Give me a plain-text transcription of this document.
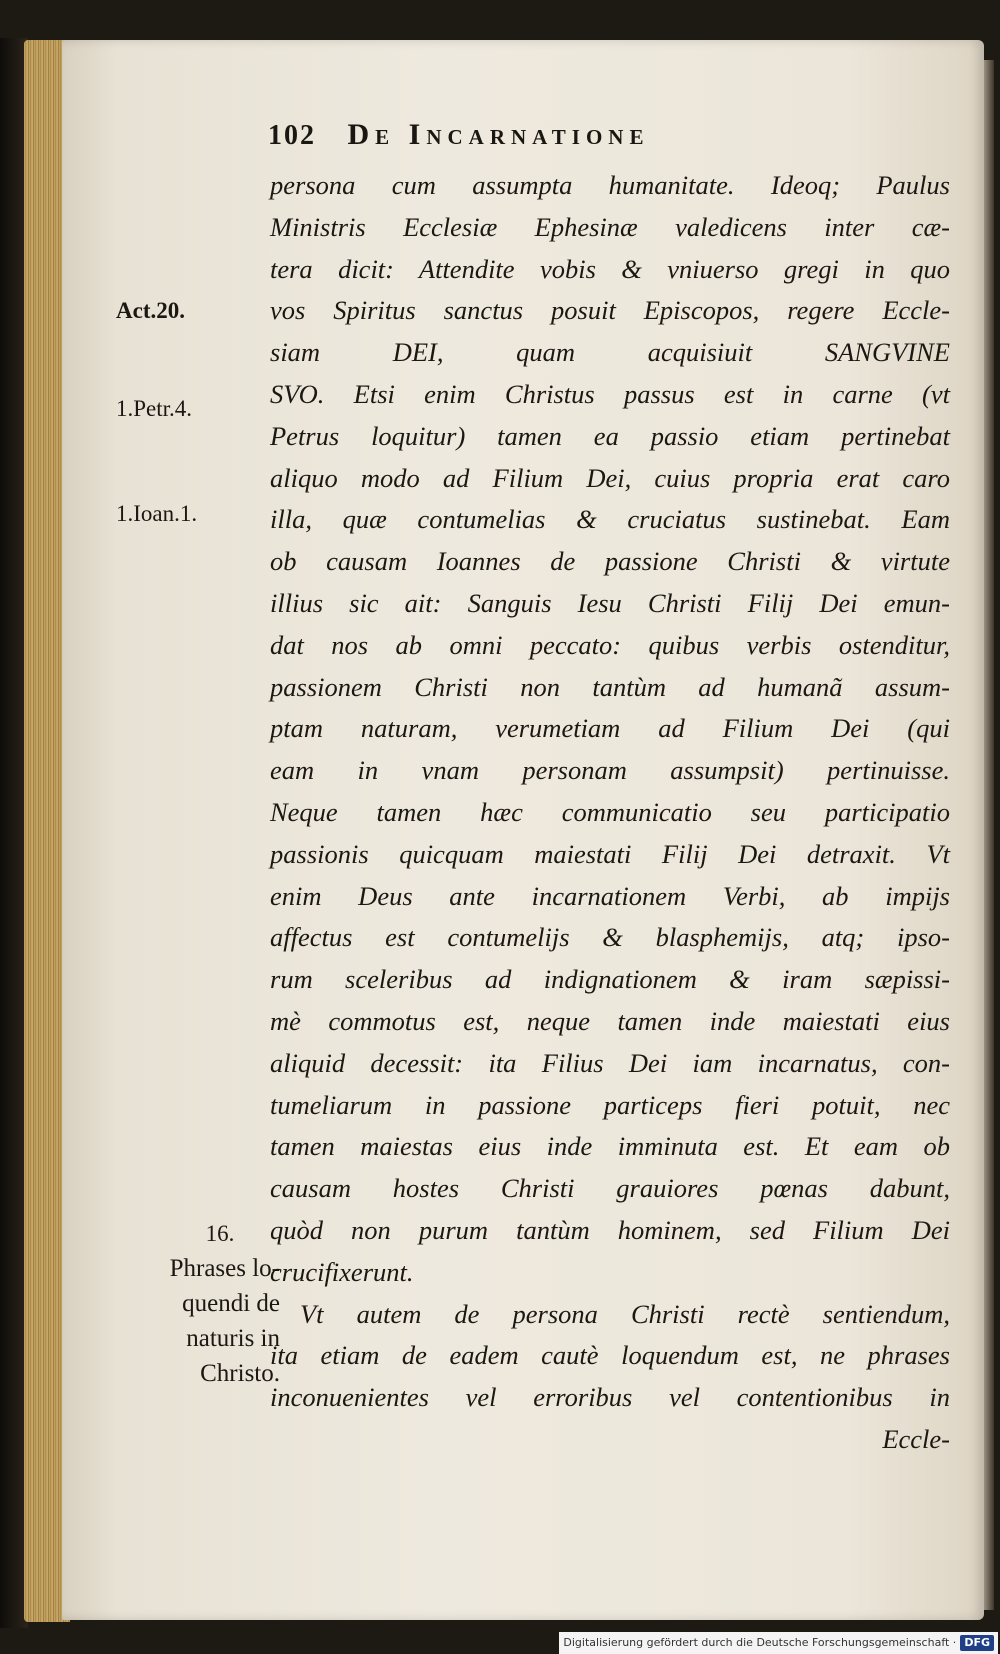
102 De Incarnatione
Act.20.
1.Petr.4.
1.Ioan.1.
16.
Phrases lo-
quendi de
naturis in
Christo.
persona cum assumpta humanitate. Ideoq; Paulus
Ministris Ecclesiæ Ephesinæ valedicens inter cæ-
tera dicit: Attendite vobis & vniuerso gregi in quo
vos Spiritus sanctus posuit Episcopos, regere Eccle-
siam DEI, quam acquisiuit SANGVINE
SVO. Etsi enim Christus passus est in carne (vt
Petrus loquitur) tamen ea passio etiam pertinebat
aliquo modo ad Filium Dei, cuius propria erat caro
illa, quæ contumelias & cruciatus sustinebat. Eam
ob causam Ioannes de passione Christi & virtute
illius sic ait: Sanguis Iesu Christi Filij Dei emun-
dat nos ab omni peccato: quibus verbis ostenditur,
passionem Christi non tantùm ad humanã assum-
ptam naturam, verumetiam ad Filium Dei (qui
eam in vnam personam assumpsit) pertinuisse.
Neque tamen hæc communicatio seu participatio
passionis quicquam maiestati Filij Dei detraxit. Vt
enim Deus ante incarnationem Verbi, ab impijs
affectus est contumelijs & blasphemijs, atq; ipso-
rum sceleribus ad indignationem & iram sæpissi-
mè commotus est, neque tamen inde maiestati eius
aliquid decessit: ita Filius Dei iam incarnatus, con-
tumeliarum in passione particeps fieri potuit, nec
tamen maiestas eius inde imminuta est. Et eam ob
causam hostes Christi grauiores pœnas dabunt,
quòd non purum tantùm hominem, sed Filium Dei
crucifixerunt.
Vt autem de persona Christi rectè sentiendum,
ita etiam de eadem cautè loquendum est, ne phrases
inconuenientes vel erroribus vel contentionibus in
Eccle-
Digitalisierung gefördert durch die Deutsche Forschungsgemeinschaft · DFG
